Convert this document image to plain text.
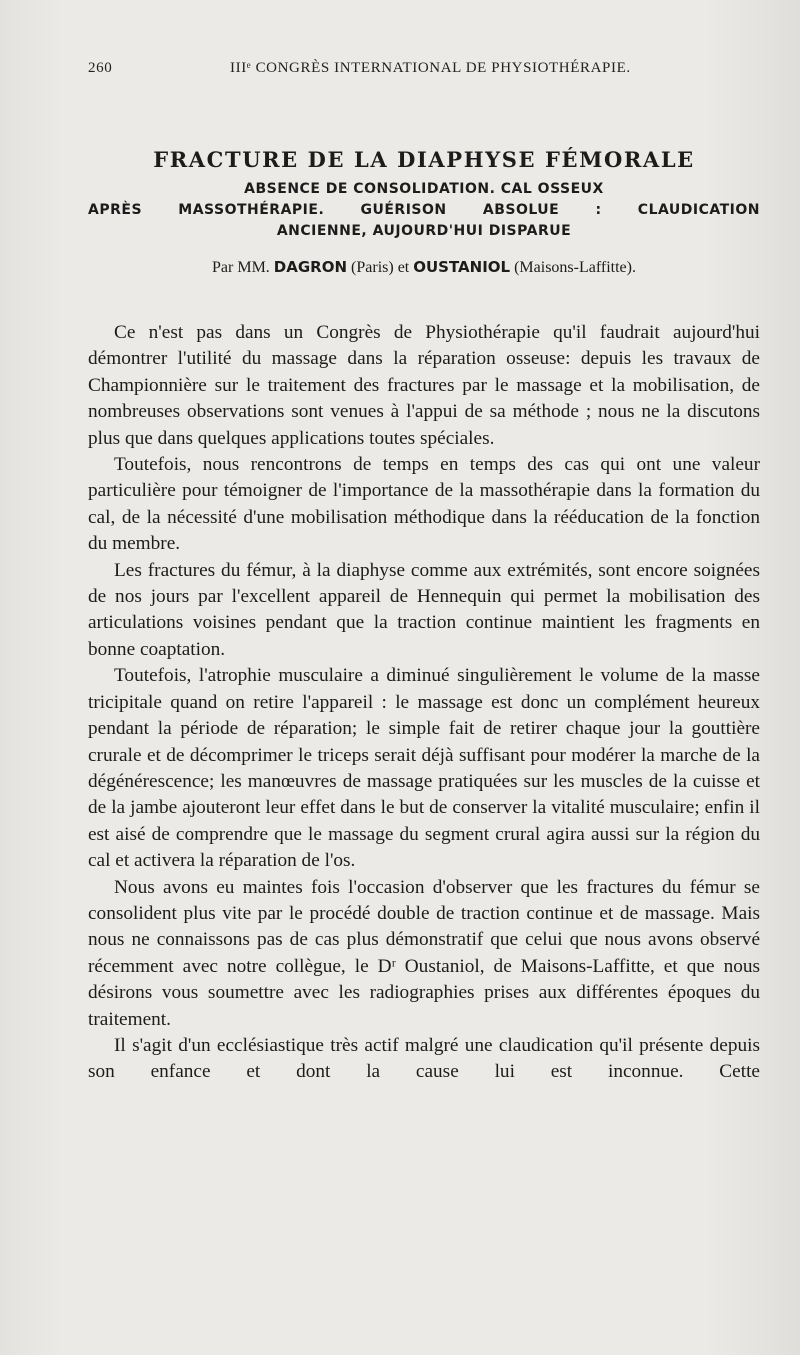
260	IIIᵉ CONGRÈS INTERNATIONAL DE PHYSIOTHÉRAPIE.
FRACTURE DE LA DIAPHYSE FÉMORALE
ABSENCE DE CONSOLIDATION. CAL OSSEUX
APRÈS MASSOTHÉRAPIE. GUÉRISON ABSOLUE : CLAUDICATION
ANCIENNE, AUJOURD'HUI DISPARUE
Par MM. DAGRON (Paris) et OUSTANIOL (Maisons-Laffitte).

Ce n'est pas dans un Congrès de Physiothérapie qu'il faudrait aujourd'hui démontrer l'utilité du massage dans la réparation osseuse: depuis les travaux de Championnière sur le traitement des fractures par le massage et la mobilisation, de nombreuses observations sont venues à l'appui de sa méthode ; nous ne la discutons plus que dans quelques applications toutes spéciales.

Toutefois, nous rencontrons de temps en temps des cas qui ont une valeur particulière pour témoigner de l'importance de la massothérapie dans la formation du cal, de la nécessité d'une mobilisation méthodique dans la rééducation de la fonction du membre.

Les fractures du fémur, à la diaphyse comme aux extrémités, sont encore soignées de nos jours par l'excellent appareil de Hennequin qui permet la mobilisation des articulations voisines pendant que la traction continue maintient les fragments en bonne coaptation.

Toutefois, l'atrophie musculaire a diminué singulièrement le volume de la masse tricipitale quand on retire l'appareil : le massage est donc un complément heureux pendant la période de réparation; le simple fait de retirer chaque jour la gouttière crurale et de décomprimer le triceps serait déjà suffisant pour modérer la marche de la dégénérescence; les manœuvres de massage pratiquées sur les muscles de la cuisse et de la jambe ajouteront leur effet dans le but de conserver la vitalité musculaire; enfin il est aisé de comprendre que le massage du segment crural agira aussi sur la région du cal et activera la réparation de l'os.

Nous avons eu maintes fois l'occasion d'observer que les fractures du fémur se consolident plus vite par le procédé double de traction continue et de massage. Mais nous ne connaissons pas de cas plus démonstratif que celui que nous avons observé récemment avec notre collègue, le Dʳ Oustaniol, de Maisons-Laffitte, et que nous désirons vous soumettre avec les radiographies prises aux différentes époques du traitement.

Il s'agit d'un ecclésiastique très actif malgré une claudication qu'il présente depuis son enfance et dont la cause lui est inconnue. Cette
